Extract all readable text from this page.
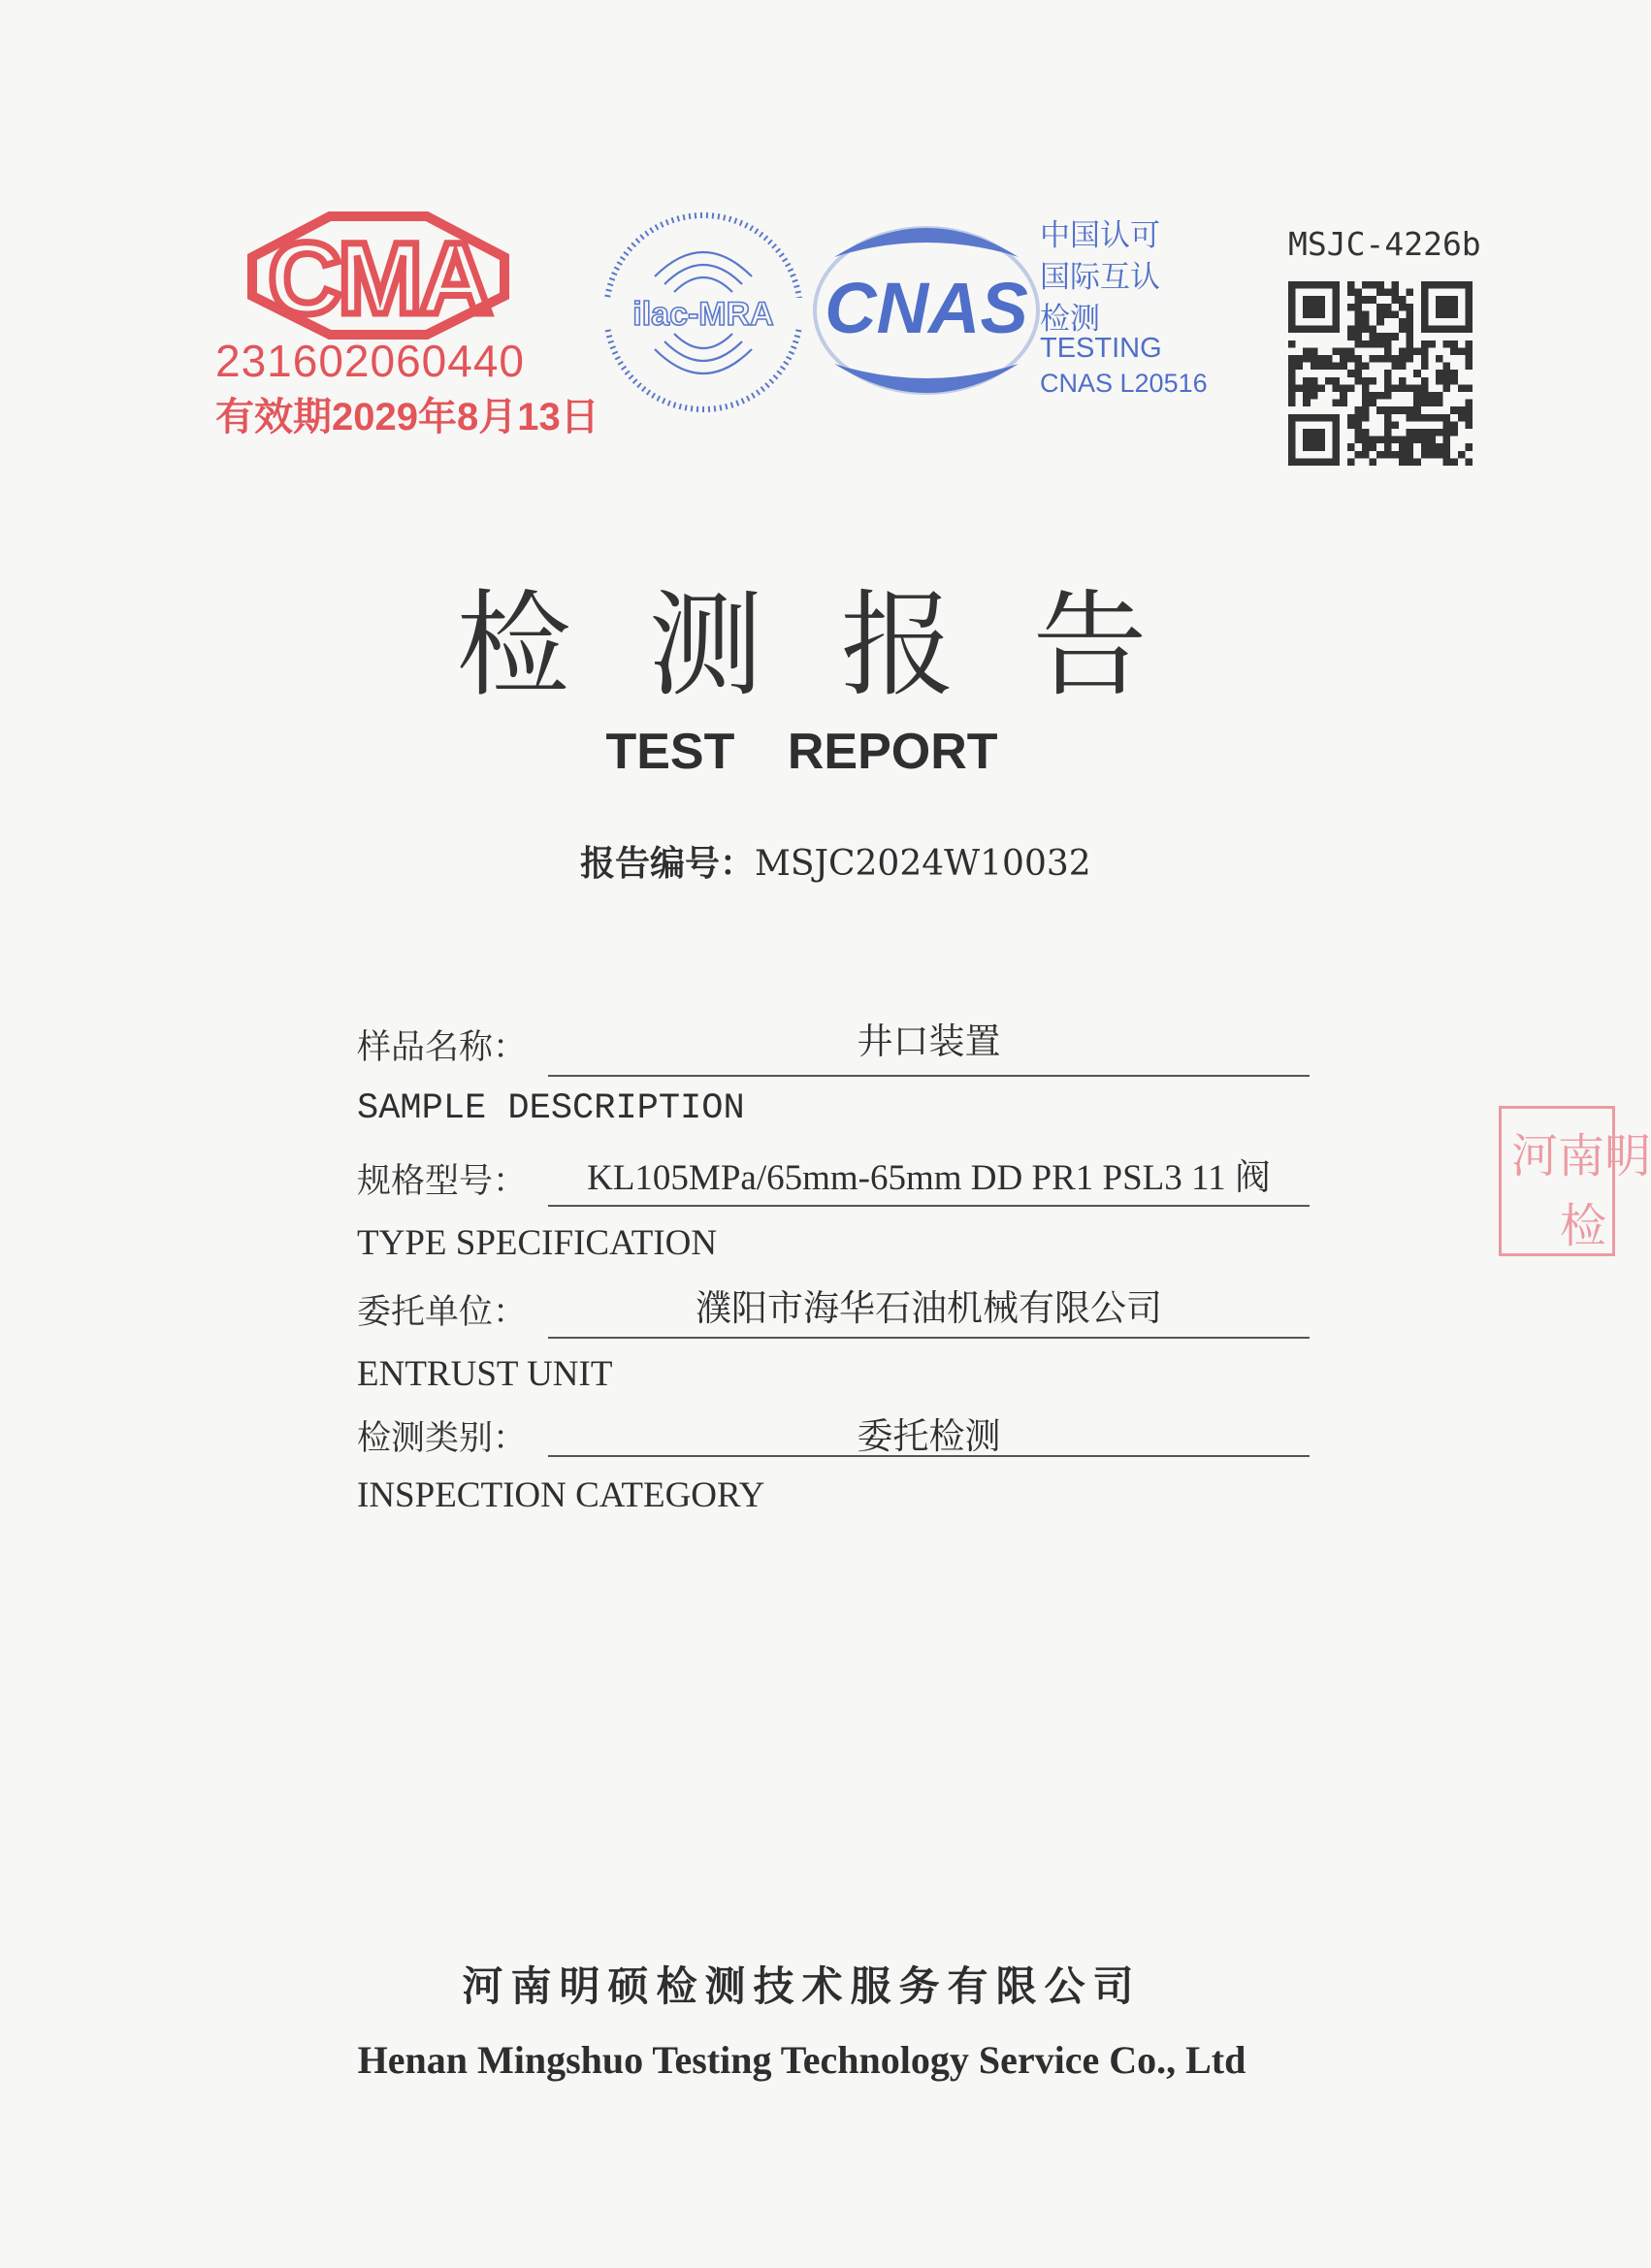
CMA
231602060440
有效期2029年8月13日
ilac-MRA CNAS
中国认可
国际互认
检测
TESTING
CNAS L20516
MSJC-4226b
检测报告
TEST REPORT
报告编号：MSJC2024W10032
样品名称：	井口装置
SAMPLE DESCRIPTION
规格型号：	KL105MPa/65mm-65mm DD PR1 PSL3 11 阀
TYPE SPECIFICATION
委托单位：	濮阳市海华石油机械有限公司
ENTRUST UNIT
检测类别：	委托检测
INSPECTION CATEGORY
河南明
检
河南明硕检测技术服务有限公司
Henan Mingshuo Testing Technology Service Co., Ltd
